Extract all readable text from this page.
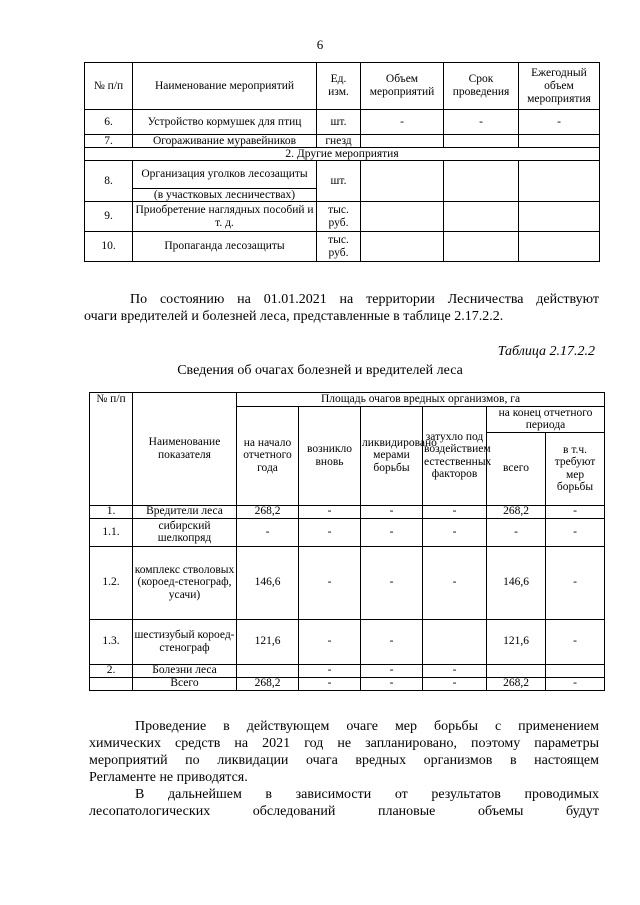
6
№ п/п	Наименование мероприятий	Ед. изм.	Объем мероприятий	Срок проведения	Ежегодный объем мероприятия
6.	Устройство кормушек для птиц	шт.	-	-	-
7.	Огораживание муравейников	гнезд			
2. Другие мероприятия					
8.	Организация уголков лесозащиты	шт.			
	(в участковых лесничествах)				
9.	Приобретение наглядных пособий и т. д.	тыс. руб.			
10.	Пропаганда лесозащиты	тыс. руб.			
По состоянию на 01.01.2021 на территории Лесничества действуют
очаги вредителей и болезней леса, представленные в таблице 2.17.2.2.
Таблица 2.17.2.2
Сведения об очагах болезней и вредителей леса
№ п/п	Наименование показателя	Площадь очагов вредных организмов, га					
		на начало отчетного года	возникло вновь	ликвидировано мерами борьбы	затухло под воздействием естественных факторов	на конец отчетного периода	
						всего	в т.ч. требуют мер борьбы
1.	Вредители леса	268,2	-	-	-	268,2	-
1.1.	сибирский шелкопряд	-	-	-	-	-	-
1.2.	комплекс стволовых (короед-стенограф, усачи)	146,6	-	-	-	146,6	-
1.3.	шестизубый короед-стенограф	121,6	-	-		121,6	-
2.	Болезни леса		-	-	-		
	Всего	268,2	-	-	-	268,2	-
Проведение в действующем очаге мер борьбы с применением
химических средств на 2021 год не запланировано, поэтому параметры
мероприятий по ликвидации очага вредных организмов в настоящем
Регламенте не приводятся.
В дальнейшем в зависимости от результатов проводимых
лесопатологических обследований плановые объемы будут
